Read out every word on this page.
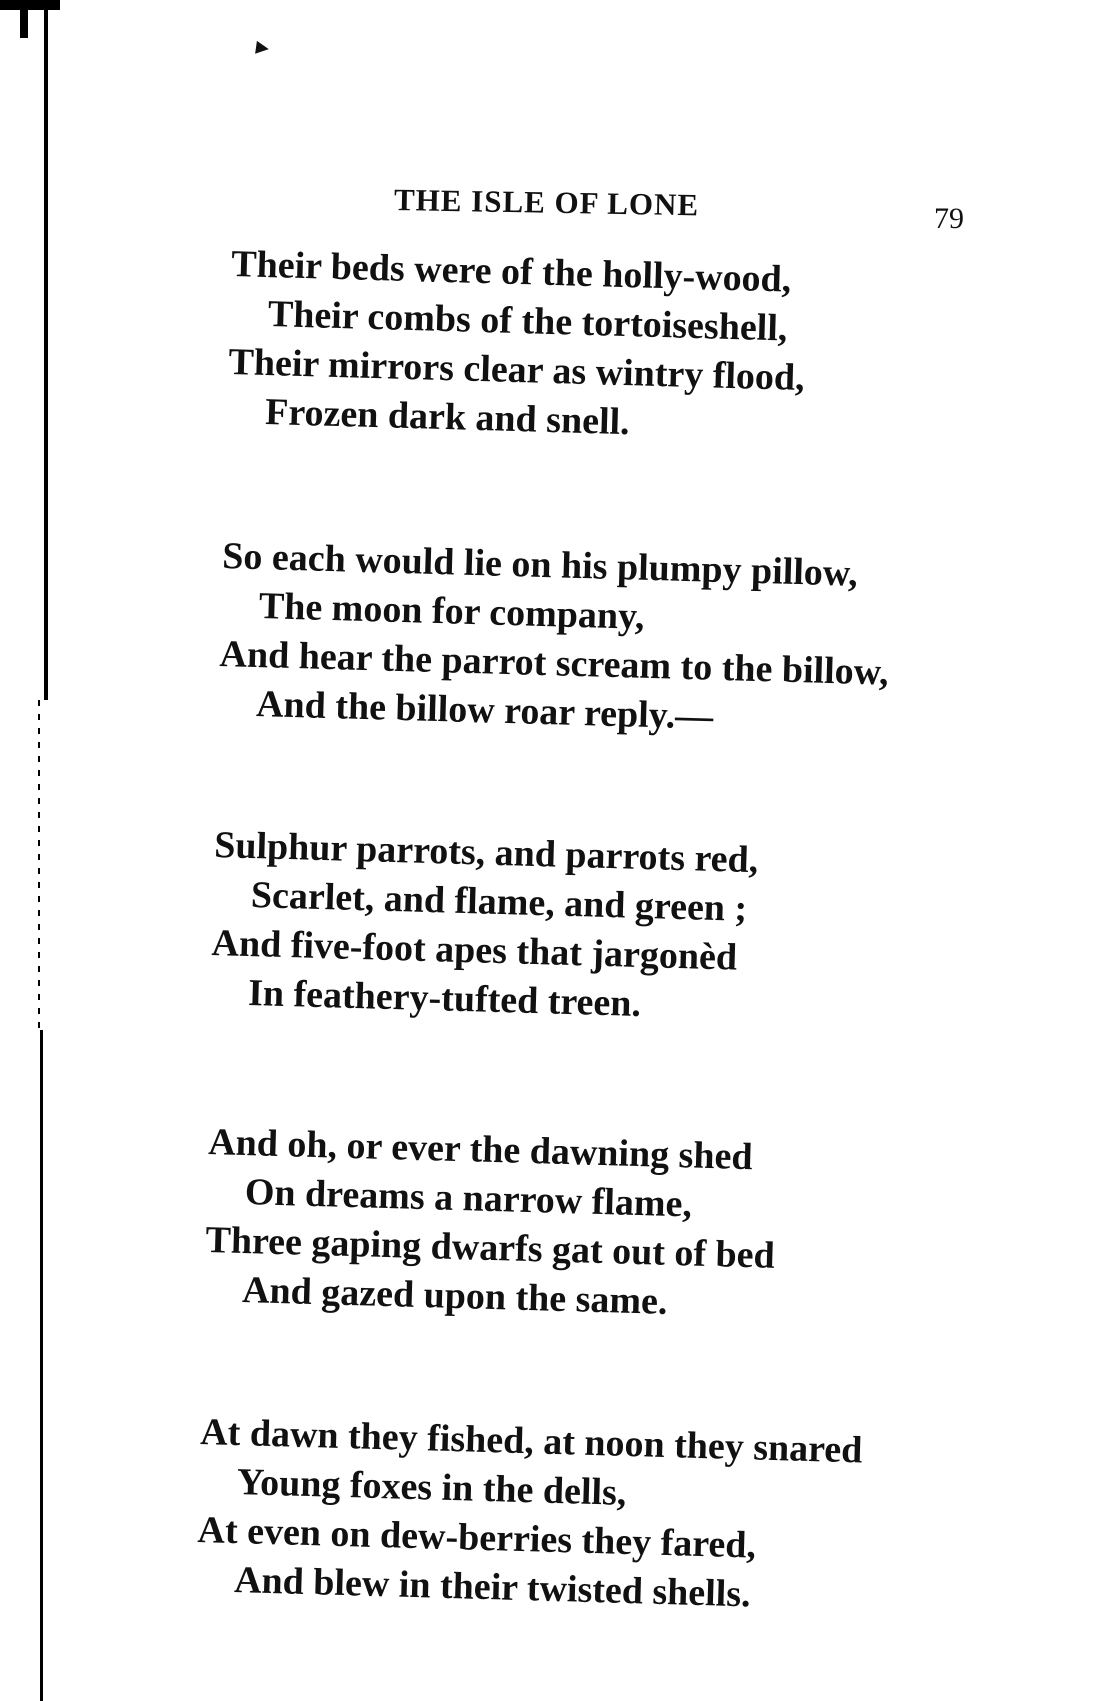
▸
THE ISLE OF LONE	79
Their beds were of the holly-wood,
Their combs of the tortoiseshell,
Their mirrors clear as wintry flood,
Frozen dark and snell.
So each would lie on his plumpy pillow,
The moon for company,
And hear the parrot scream to the billow,
And the billow roar reply.—
Sulphur parrots, and parrots red,
Scarlet, and flame, and green ;
And five-foot apes that jargonèd
In feathery-tufted treen.
And oh, or ever the dawning shed
On dreams a narrow flame,
Three gaping dwarfs gat out of bed
And gazed upon the same.
At dawn they fished, at noon they snared
Young foxes in the dells,
At even on dew-berries they fared,
And blew in their twisted shells.
